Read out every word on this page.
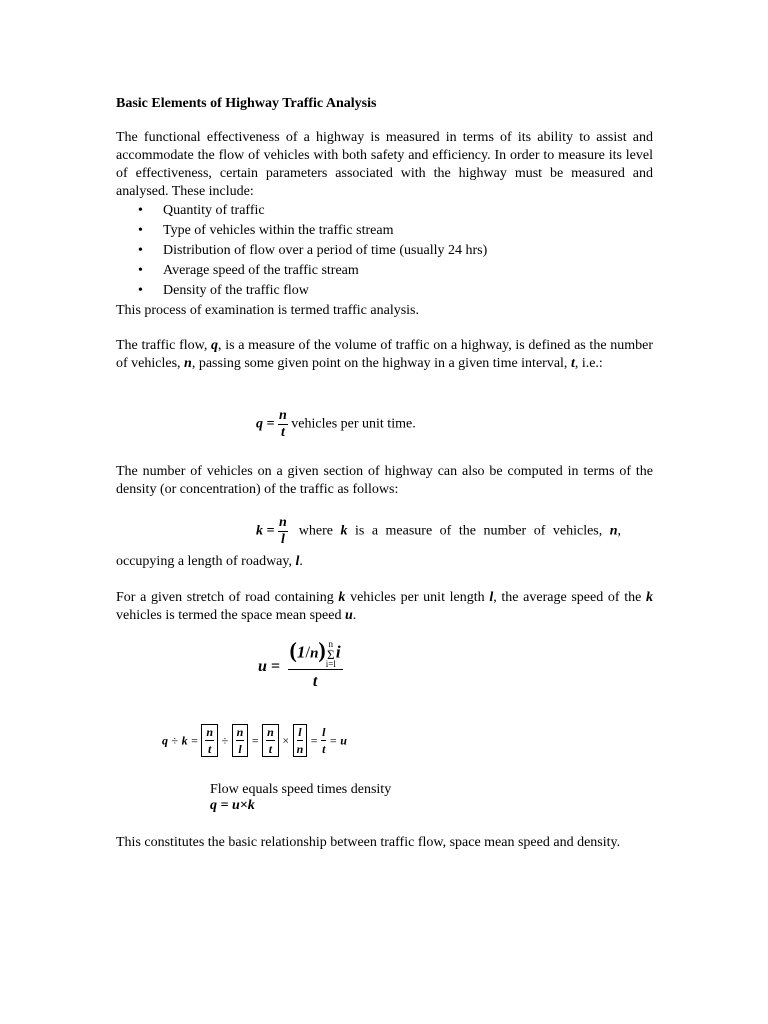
Basic Elements of Highway Traffic Analysis
The functional effectiveness of a highway is measured in terms of its ability to assist and accommodate the flow of vehicles with both safety and efficiency. In order to measure its level of effectiveness, certain parameters associated with the highway must be measured and analysed. These include:
• Quantity of traffic
• Type of vehicles within the traffic stream
• Distribution of flow over a period of time (usually 24 hrs)
• Average speed of the traffic stream
• Density of the traffic flow
This process of examination is termed traffic analysis.
The traffic flow, q, is a measure of the volume of traffic on a highway, is defined as the number of vehicles, n, passing some given point on the highway in a given time interval, t, i.e.:
$q = \frac{n}{t}$ vehicles per unit time.
The number of vehicles on a given section of highway can also be computed in terms of the density (or concentration) of the traffic as follows:
$k = \frac{n}{l}$ where k is a measure of the number of vehicles, n,
occupying a length of roadway, l.
For a given stretch of road containing k vehicles per unit length l, the average speed of the k vehicles is termed the space mean speed u.
u = (1/n) n
Σ
i=l
i
t
$q \div k = \frac{n}{t} \div \frac{n}{l} = \frac{n}{t} \times \frac{l}{n} = \frac{l}{t} = u$
Flow equals speed times density
q = u×k
This constitutes the basic relationship between traffic flow, space mean speed and density.
